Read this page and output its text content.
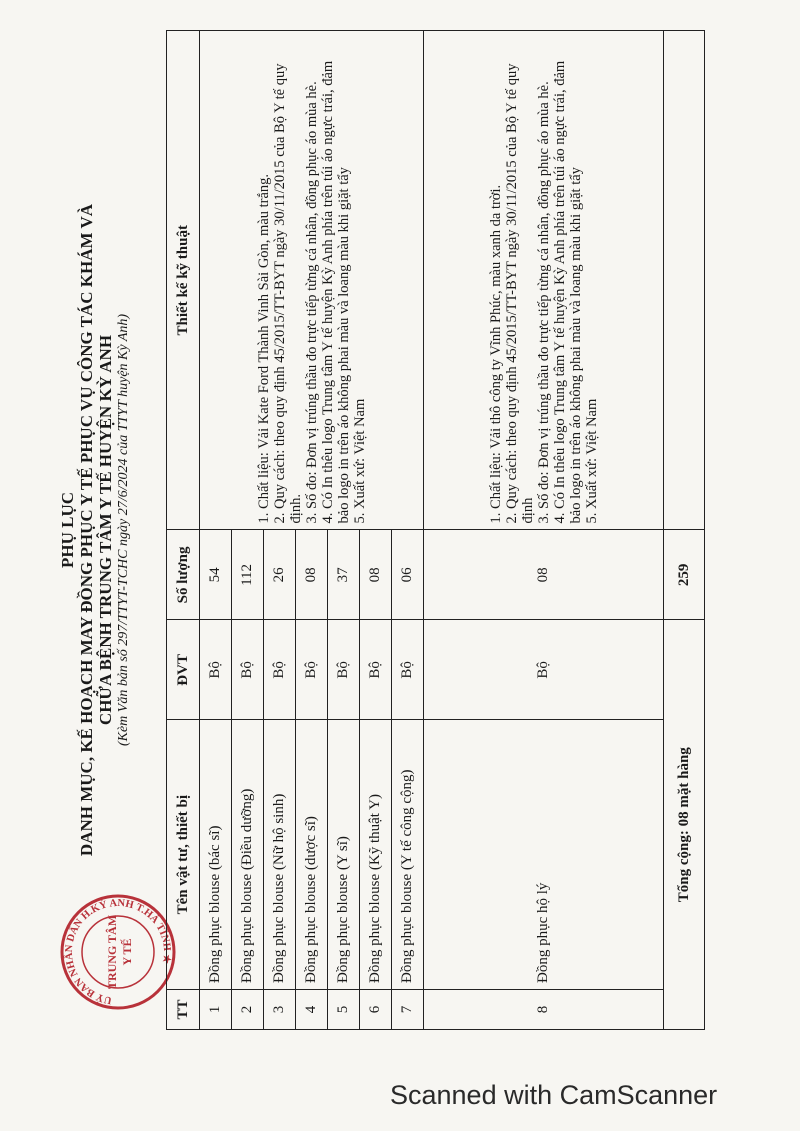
UỶ BAN NHÂN DÂN H.KỲ ANH T.HÀ TĨNH ★
TRUNG TÂM Y TẾ
PHỤ LỤC DANH MỤC, KẾ HOẠCH MAY ĐỒNG PHỤC Y TẾ PHỤC VỤ CÔNG TÁC KHÁM VÀ CHỮA BỆNH TRUNG TÂM Y TẾ HUYỆN KỲ ANH (Kèm Văn bản số 297/TTYT-TCHC ngày 27/6/2024 của TTYT huyện Kỳ Anh)
TT	Tên vật tư, thiết bị	ĐVT	Số lượng	Thiết kế kỹ thuật
1	Đồng phục blouse (bác sĩ)	Bộ	54	1. Chất liệu: Vải Kate Ford Thành Vinh Sài Gòn, màu trắng. 2. Quy cách: theo quy định 45/2015/TT-BYT ngày 30/11/2015 của Bộ Y tế quy định. 3. Số đo: Đơn vị trúng thầu đo trực tiếp từng cá nhân, đồng phục áo mùa hè. 4. Có In thêu logo Trung tâm Y tế huyện Kỳ Anh phía trên túi áo ngực trái, đảm bảo logo in trên áo không phai màu và loang màu khi giặt tẩy 5. Xuất xứ: Việt Nam

2	Đồng phục blouse (Điều dưỡng)	Bộ	112	
3	Đồng phục blouse (Nữ hộ sinh)	Bộ	26	
4	Đồng phục blouse (dược sĩ)	Bộ	08	
5	Đồng phục blouse (Y sĩ)	Bộ	37	
6	Đồng phục blouse (Kỹ thuật Y)	Bộ	08	
7	Đồng phục blouse (Y tế công cộng)	Bộ	06	
8	Đồng phục hộ lý	Bộ	08	1. Chất liệu: Vải thô công ty Vĩnh Phúc, màu xanh da trời. 2. Quy cách: theo quy định 45/2015/TT-BYT ngày 30/11/2015 của Bộ Y tế quy định 3. Số đo: Đơn vị trúng thầu đo trực tiếp từng cá nhân, đồng phục áo mùa hè. 4. Có In thêu logo Trung tâm Y tế huyện Kỳ Anh phía trên túi áo ngực trái, đảm bảo logo in trên áo không phai màu và loang màu khi giặt tẩy 5. Xuất xứ: Việt Nam

Tổng cộng: 08 mặt hàng			259	
Scanned with CamScanner
